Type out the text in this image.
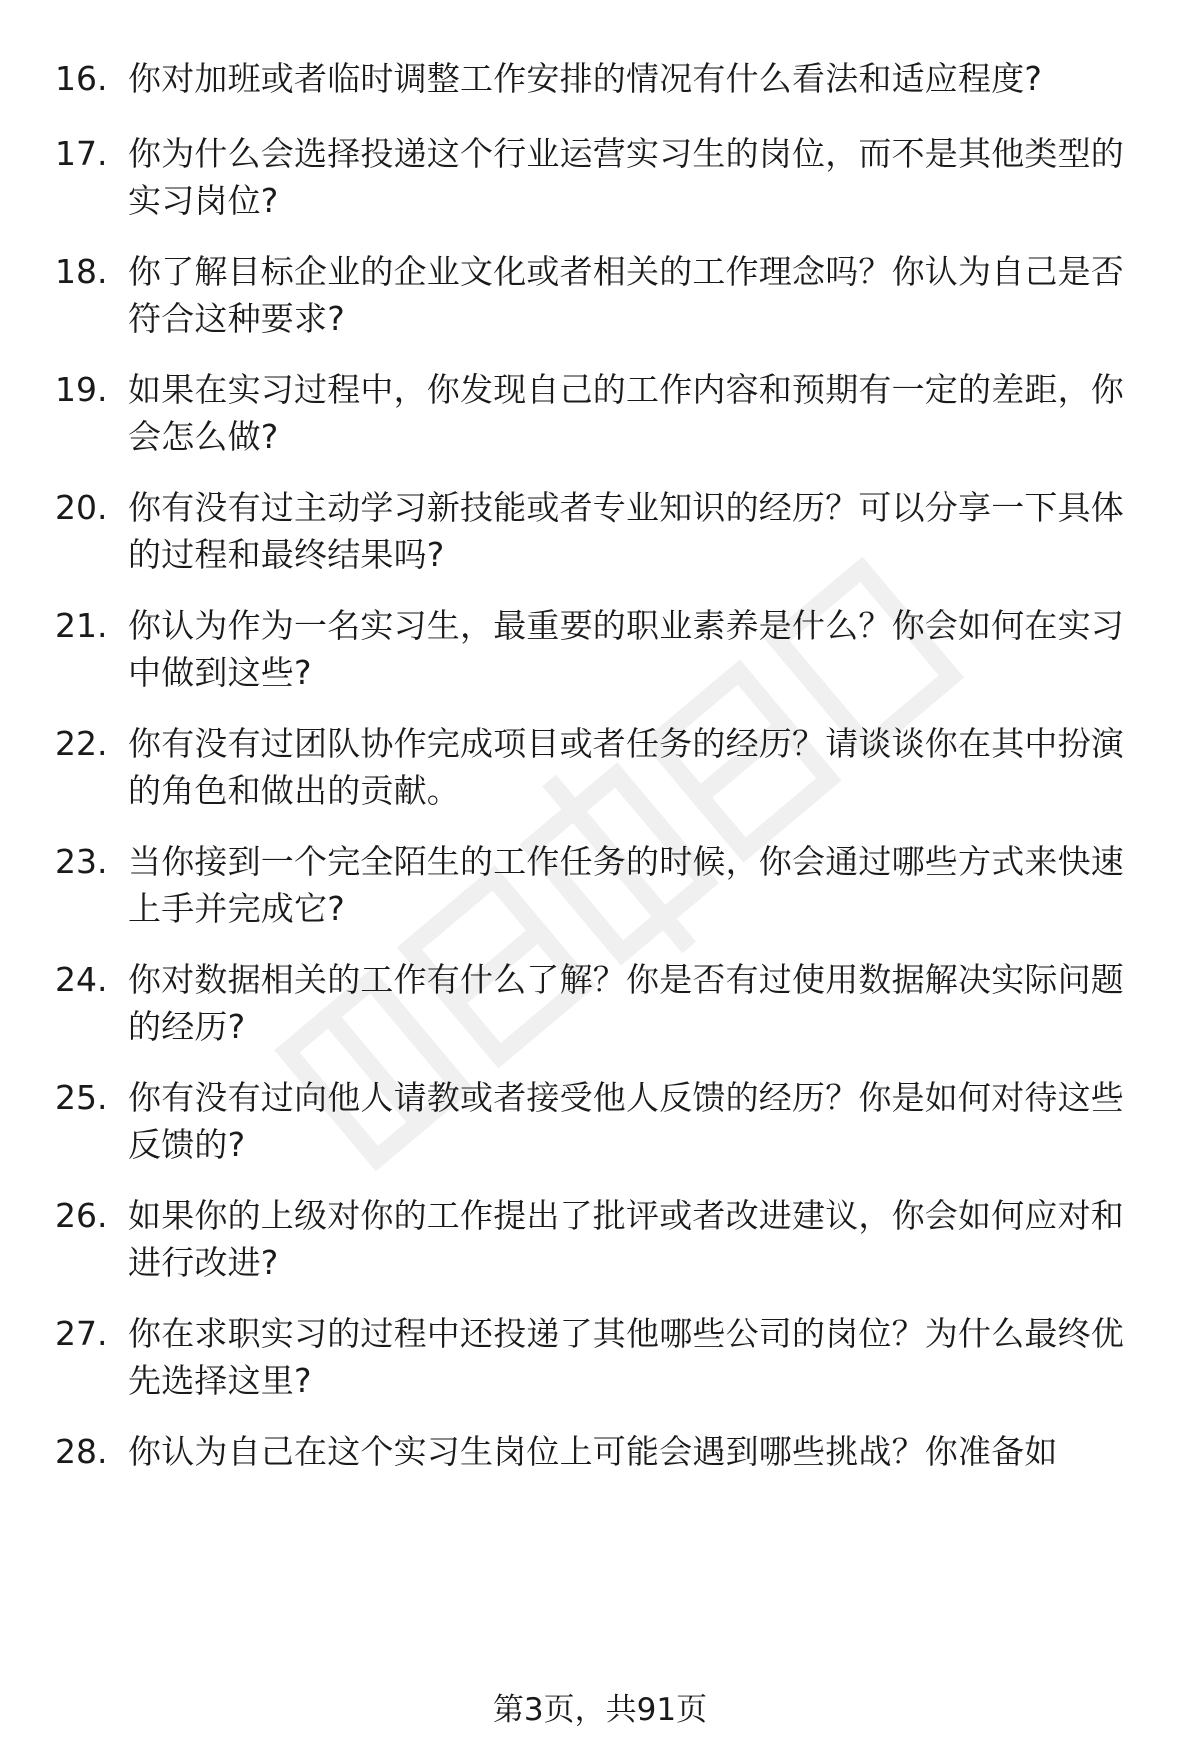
16. 你对加班或者临时调整工作安排的情况有什么看法和适应程度?
17. 你为什么会选择投递这个行业运营实习生的岗位，而不是其他类型的实习岗位?
18. 你了解目标企业的企业文化或者相关的工作理念吗？你认为自己是否符合这种要求?
19. 如果在实习过程中，你发现自己的工作内容和预期有一定的差距，你会怎么做?
20. 你有没有过主动学习新技能或者专业知识的经历？可以分享一下具体的过程和最终结果吗?
21. 你认为作为一名实习生，最重要的职业素养是什么？你会如何在实习中做到这些?
22. 你有没有过团队协作完成项目或者任务的经历？请谈谈你在其中扮演的角色和做出的贡献。
23. 当你接到一个完全陌生的工作任务的时候，你会通过哪些方式来快速上手并完成它?
24. 你对数据相关的工作有什么了解？你是否有过使用数据解决实际问题的经历?
25. 你有没有过向他人请教或者接受他人反馈的经历？你是如何对待这些反馈的?
26. 如果你的上级对你的工作提出了批评或者改进建议，你会如何应对和进行改进?
27. 你在求职实习的过程中还投递了其他哪些公司的岗位？为什么最终优先选择这里?
28. 你认为自己在这个实习生岗位上可能会遇到哪些挑战？你准备如
第3页，共91页
